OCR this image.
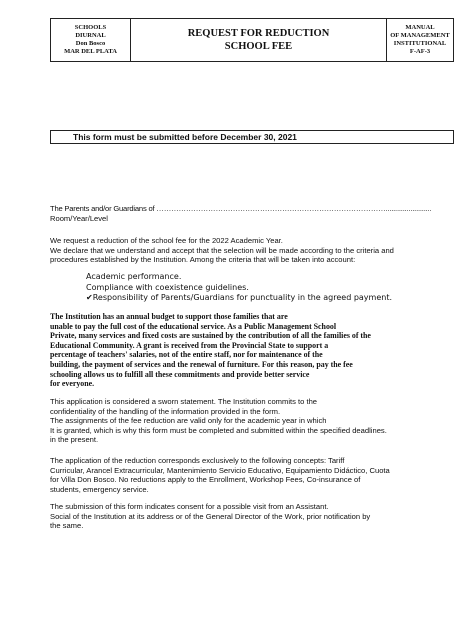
SCHOOLS
DIURNAL
Don Bosco
MAR DEL PLATA
REQUEST FOR REDUCTION
SCHOOL FEE
MANUAL
OF MANAGEMENT
INSTITUTIONAL
F-AF-3
This form must be submitted before December 30, 2021

The Parents and/or Guardians of …………………………………………………………………………………........................

Room/Year/Level

We request a reduction of the school fee for the 2022 Academic Year.
We declare that we understand and accept that the selection will be made according to the criteria and
procedures established by the Institution. Among the criteria that will be taken into account:
Academic performance.
Compliance with coexistence guidelines.
✔Responsibility of Parents/Guardians for punctuality in the agreed payment.
The Institution has an annual budget to support those families that are
unable to pay the full cost of the educational service. As a Public Management School
Private, many services and fixed costs are sustained by the contribution of all the families of the
Educational Community. A grant is received from the Provincial State to support a
percentage of teachers' salaries, not of the entire staff, nor for maintenance of the
building, the payment of services and the renewal of furniture. For this reason, pay the fee
schooling allows us to fulfill all these commitments and provide better service
for everyone.
This application is considered a sworn statement. The Institution commits to the
confidentiality of the handling of the information provided in the form.
The assignments of the fee reduction are valid only for the academic year in which
It is granted, which is why this form must be completed and submitted within the specified deadlines.
in the present.
The application of the reduction corresponds exclusively to the following concepts: Tariff
Curricular, Arancel Extracurricular, Mantenimiento Servicio Educativo, Equipamiento Didáctico, Cuota
for Villa Don Bosco. No reductions apply to the Enrollment, Workshop Fees, Co-insurance of
students, emergency service.
The submission of this form indicates consent for a possible visit from an Assistant.
Social of the Institution at its address or of the General Director of the Work, prior notification by
the same.
